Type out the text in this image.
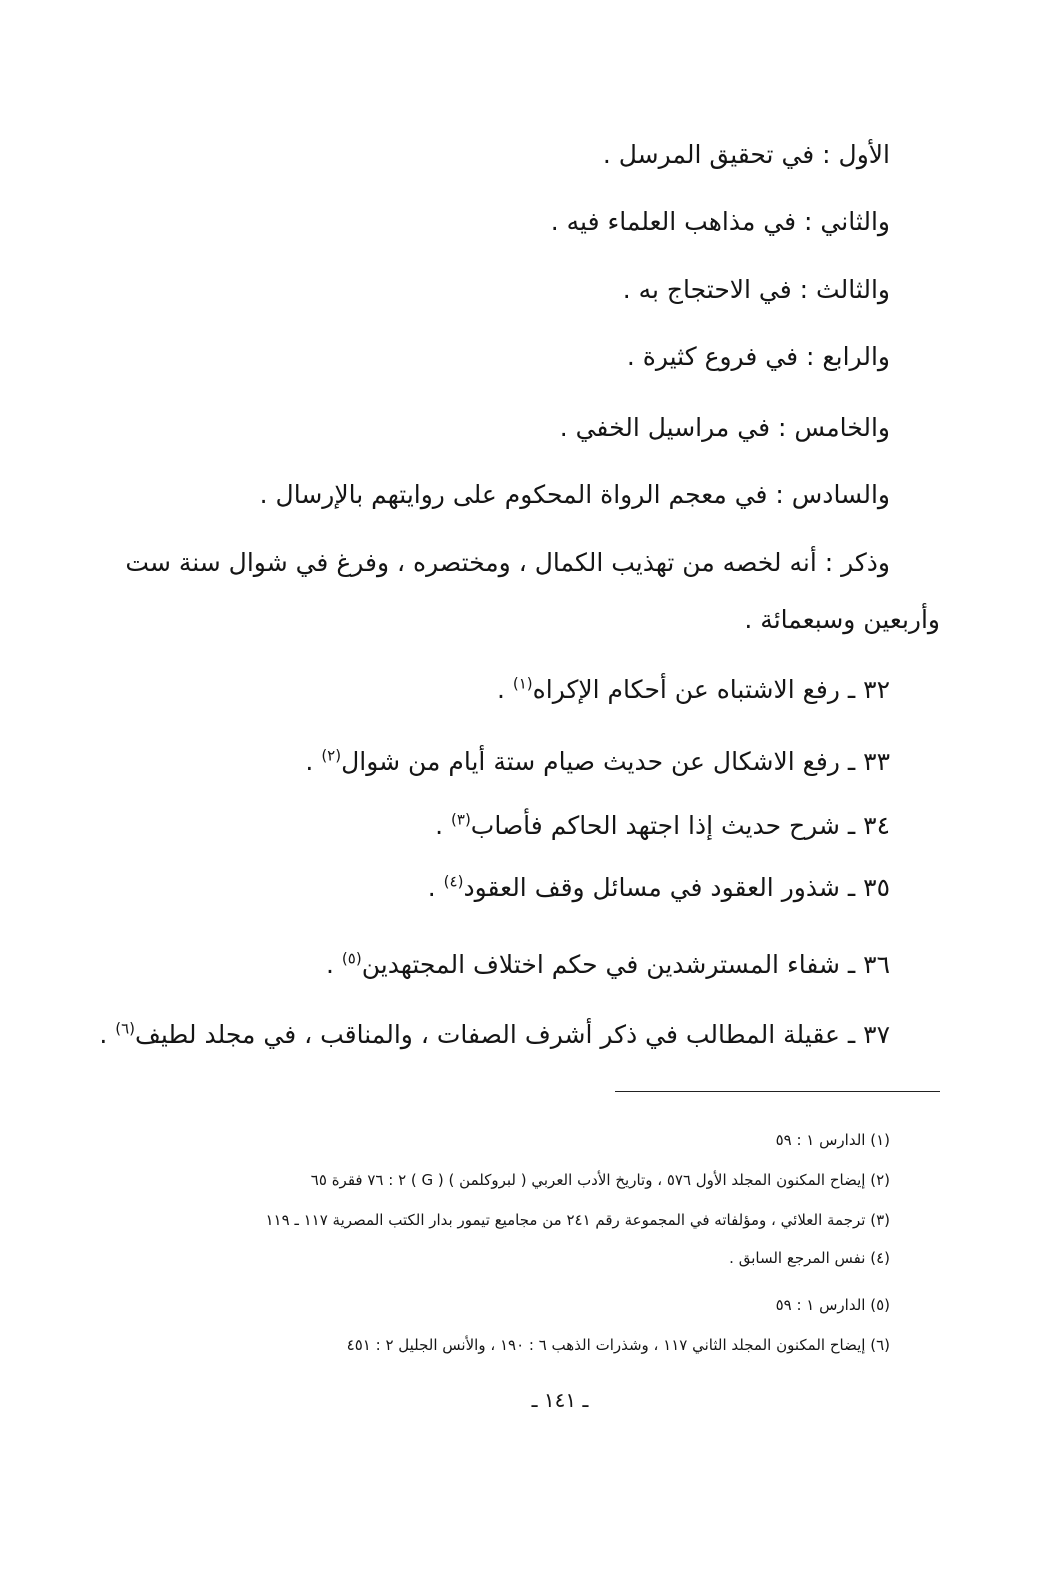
الأول : في تحقيق المرسل .
والثاني : في مذاهب العلماء فيه .
والثالث : في الاحتجاج به .
والرابع : في فروع كثيرة .
والخامس : في مراسيل الخفي .
والسادس : في معجم الرواة المحكوم على روايتهم بالإرسال .
وذكر : أنه لخصه من تهذيب الكمال ، ومختصره ، وفرغ في شوال سنة ست
وأربعين وسبعمائة .
٣٢ ـ رفع الاشتباه عن أحكام الإكراه$^{(١)}$ .
٣٣ ـ رفع الاشكال عن حديث صيام ستة أيام من شوال$^{(٢)}$ .
٣٤ ـ شرح حديث إذا اجتهد الحاكم فأصاب$^{(٣)}$ .
٣٥ ـ شذور العقود في مسائل وقف العقود$^{(٤)}$ .
٣٦ ـ شفاء المسترشدين في حكم اختلاف المجتهدين$^{(٥)}$ .
٣٧ ـ عقيلة المطالب في ذكر أشرف الصفات ، والمناقب ، في مجلد لطيف$^{(٦)}$ .
(١) الدارس ١ : ٥٩
(٢) إيضاح المكنون المجلد الأول ٥٧٦ ، وتاريخ الأدب العربي ( لبروكلمن ) ( G ) ٢ : ٧٦ فقرة ٦٥
(٣) ترجمة العلائي ، ومؤلفاته في المجموعة رقم ٢٤١ من مجاميع تيمور بدار الكتب المصرية ١١٧ ـ ١١٩
(٤) نفس المرجع السابق .
(٥) الدارس ١ : ٥٩
(٦) إيضاح المكنون المجلد الثاني ١١٧ ، وشذرات الذهب ٦ : ١٩٠ ، والأنس الجليل ٢ : ٤٥١
ـ ١٤١ ـ
